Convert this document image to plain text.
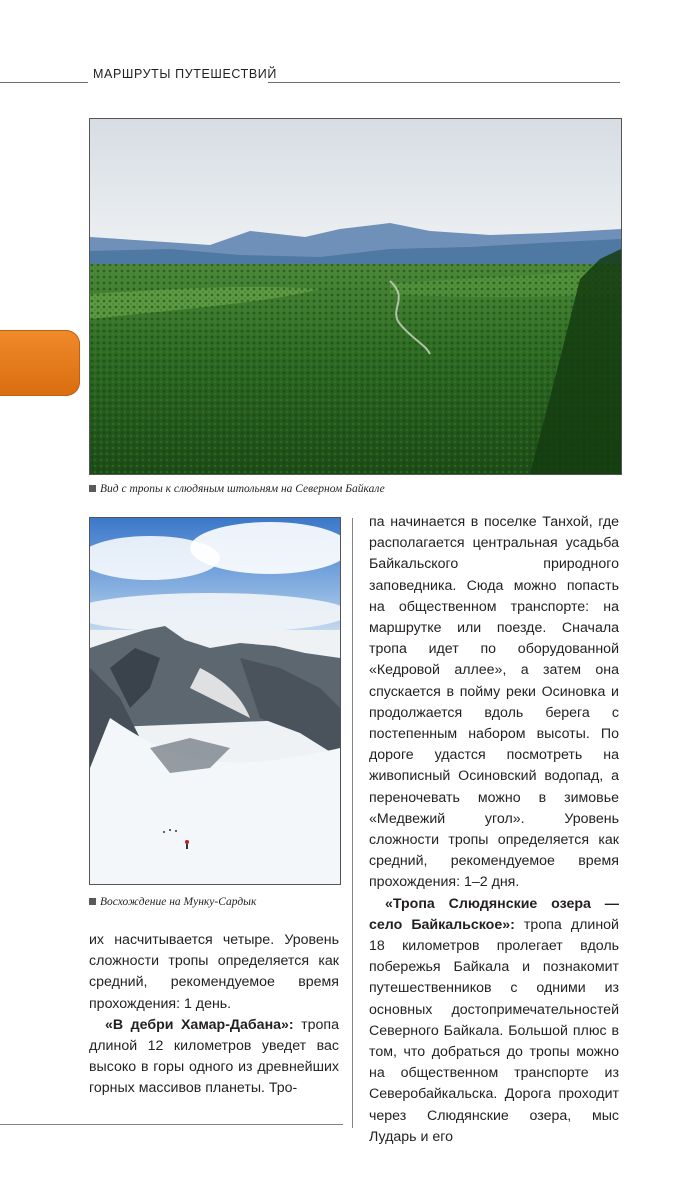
МАРШРУТЫ ПУТЕШЕСТВИЙ
Вид с тропы к слюдяным штольням на Северном Байкале
Восхождение на Мунку-Сардык

их насчитывается четыре. Уровень сложности тропы определяется как средний, рекомендуемое время прохождения: 1 день.

«В дебри Хамар-Дабана»: тропа длиной 12 километров уведет вас высоко в горы одного из древнейших горных массивов планеты. Тро-

па начинается в поселке Танхой, где располагается центральная усадьба Байкальского природного заповедника. Сюда можно попасть на общественном транспорте: на маршрутке или поезде. Сначала тропа идет по оборудованной «Кедровой аллее», а затем она спускается в пойму реки Осиновка и продолжается вдоль берега с постепенным набором высоты. По дороге удастся посмотреть на живописный Осиновский водопад, а переночевать можно в зимовье «Медвежий угол». Уровень сложности тропы определяется как средний, рекомендуемое время прохождения: 1–2 дня.

«Тропа Слюдянские озера — село Байкальское»: тропа длиной 18 километров пролегает вдоль побережья Байкала и познакомит путешественников с одними из основных достопримечательностей Северного Байкала. Большой плюс в том, что добраться до тропы можно на общественном транспорте из Северобайкальска. Дорога проходит через Слюдянские озера, мыс Лударь и его
